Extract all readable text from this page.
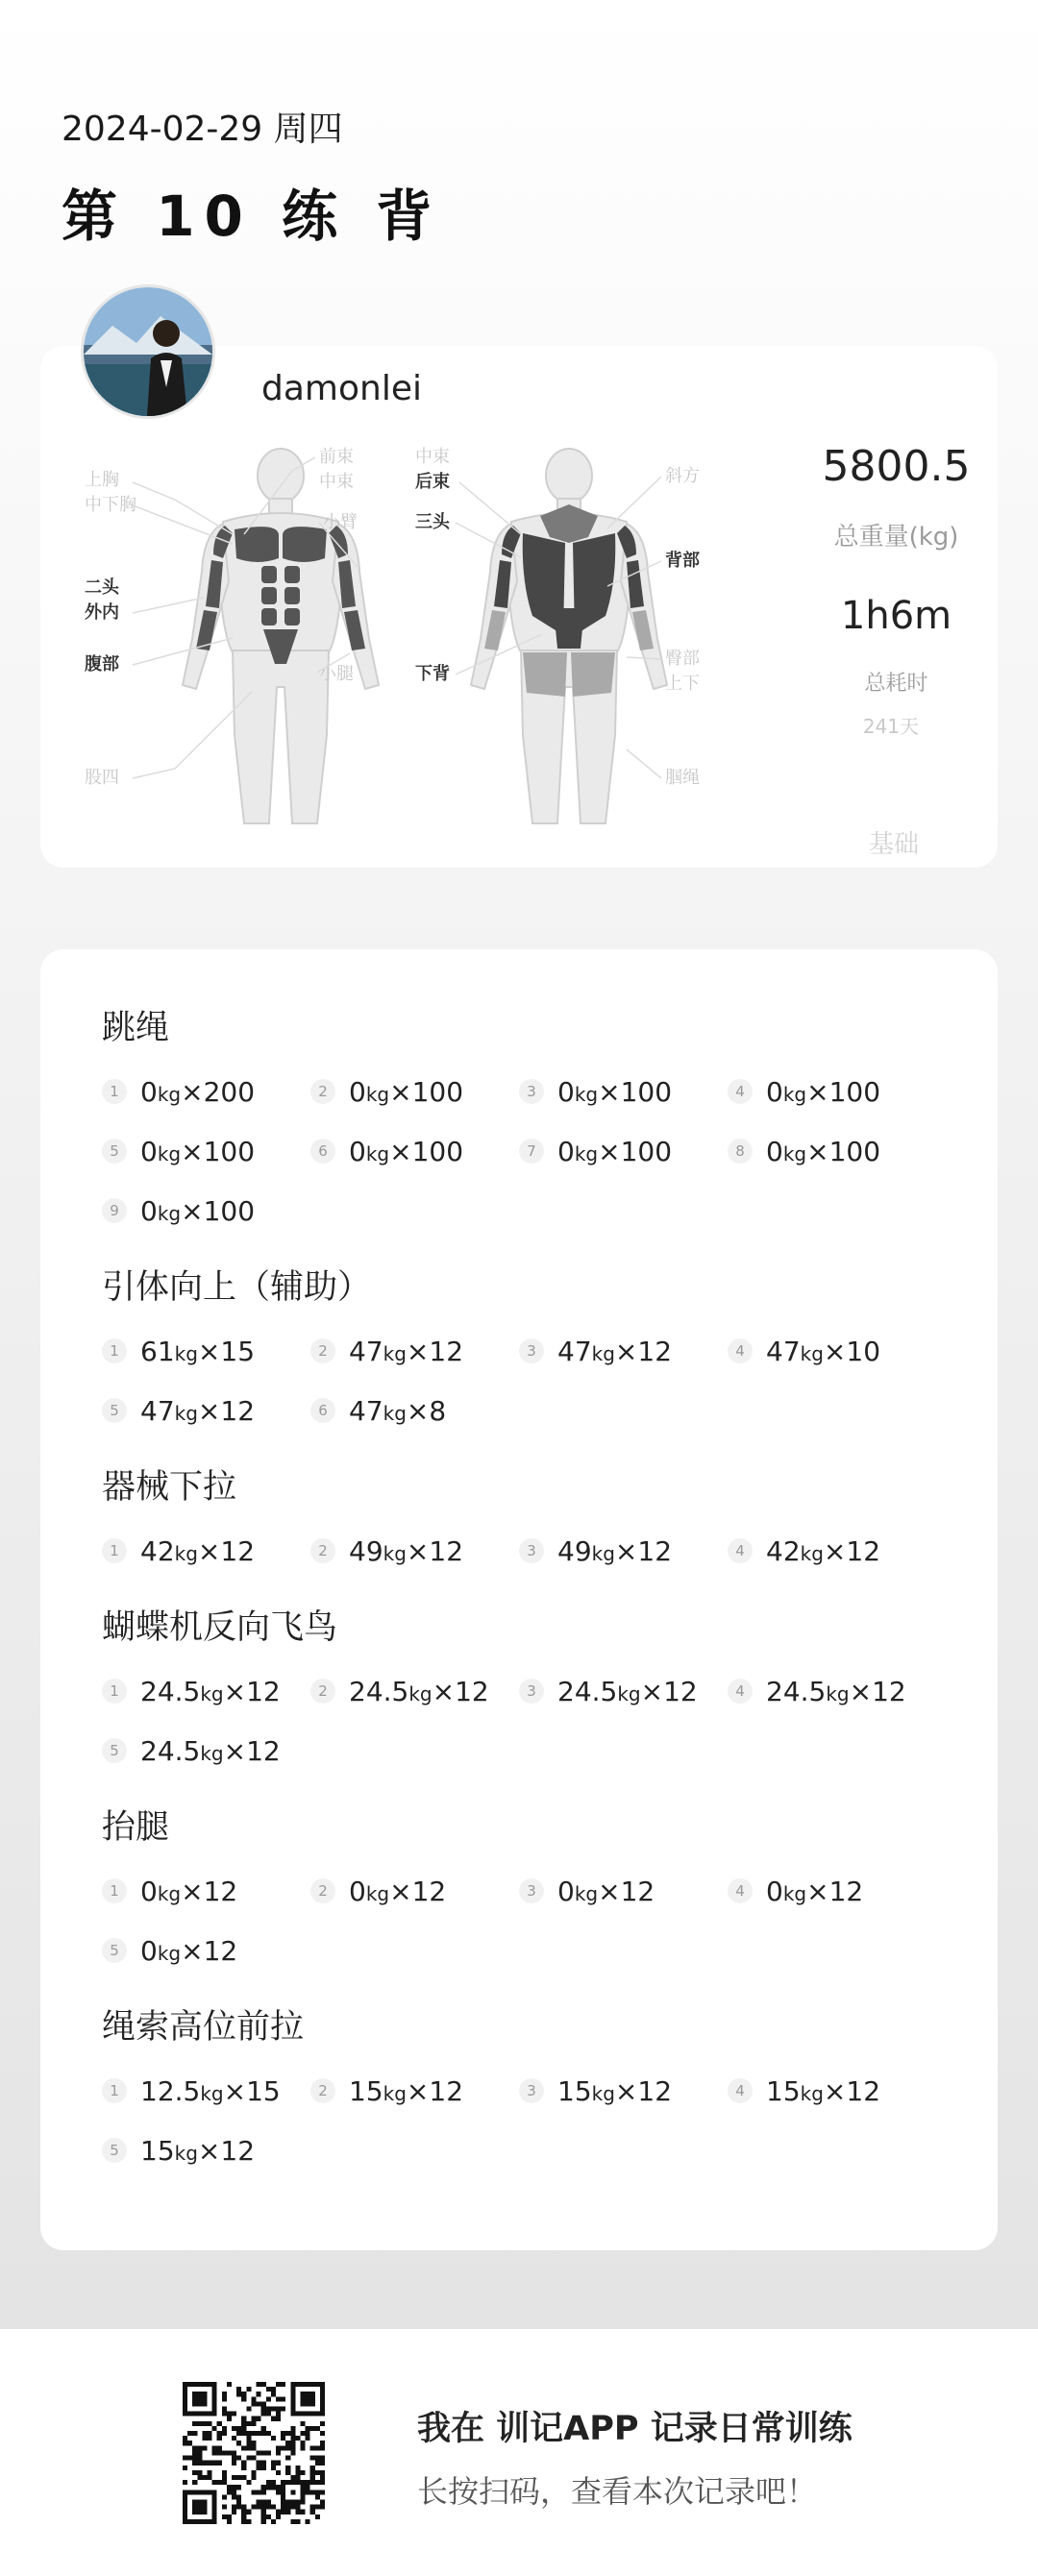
2024-02-29 周四
第 10 练 背
241天
上胸
中下胸
二头
外内
腹部
股四
前束
中束
小臂
小腿
中束
后束
三头
下背
斜方
背部
臀部
上下
腘绳
5800.5
总重量(kg)
1h6m
总耗时
基础
damonlei
跳绳
1 0kg×200	2 0kg×100	3 0kg×100	4 0kg×100
5 0kg×100	6 0kg×100	7 0kg×100	8 0kg×100
9 0kg×100
引体向上（辅助）
1 61kg×15	2 47kg×12	3 47kg×12	4 47kg×10
5 47kg×12	6 47kg×8
器械下拉
1 42kg×12	2 49kg×12	3 49kg×12	4 42kg×12
蝴蝶机反向飞鸟
1 24.5kg×12	2 24.5kg×12	3 24.5kg×12	4 24.5kg×12
5 24.5kg×12
抬腿
1 0kg×12	2 0kg×12	3 0kg×12	4 0kg×12
5 0kg×12
绳索高位前拉
1 12.5kg×15	2 15kg×12	3 15kg×12	4 15kg×12
5 15kg×12
我在 训记APP 记录日常训练
长按扫码，查看本次记录吧！
